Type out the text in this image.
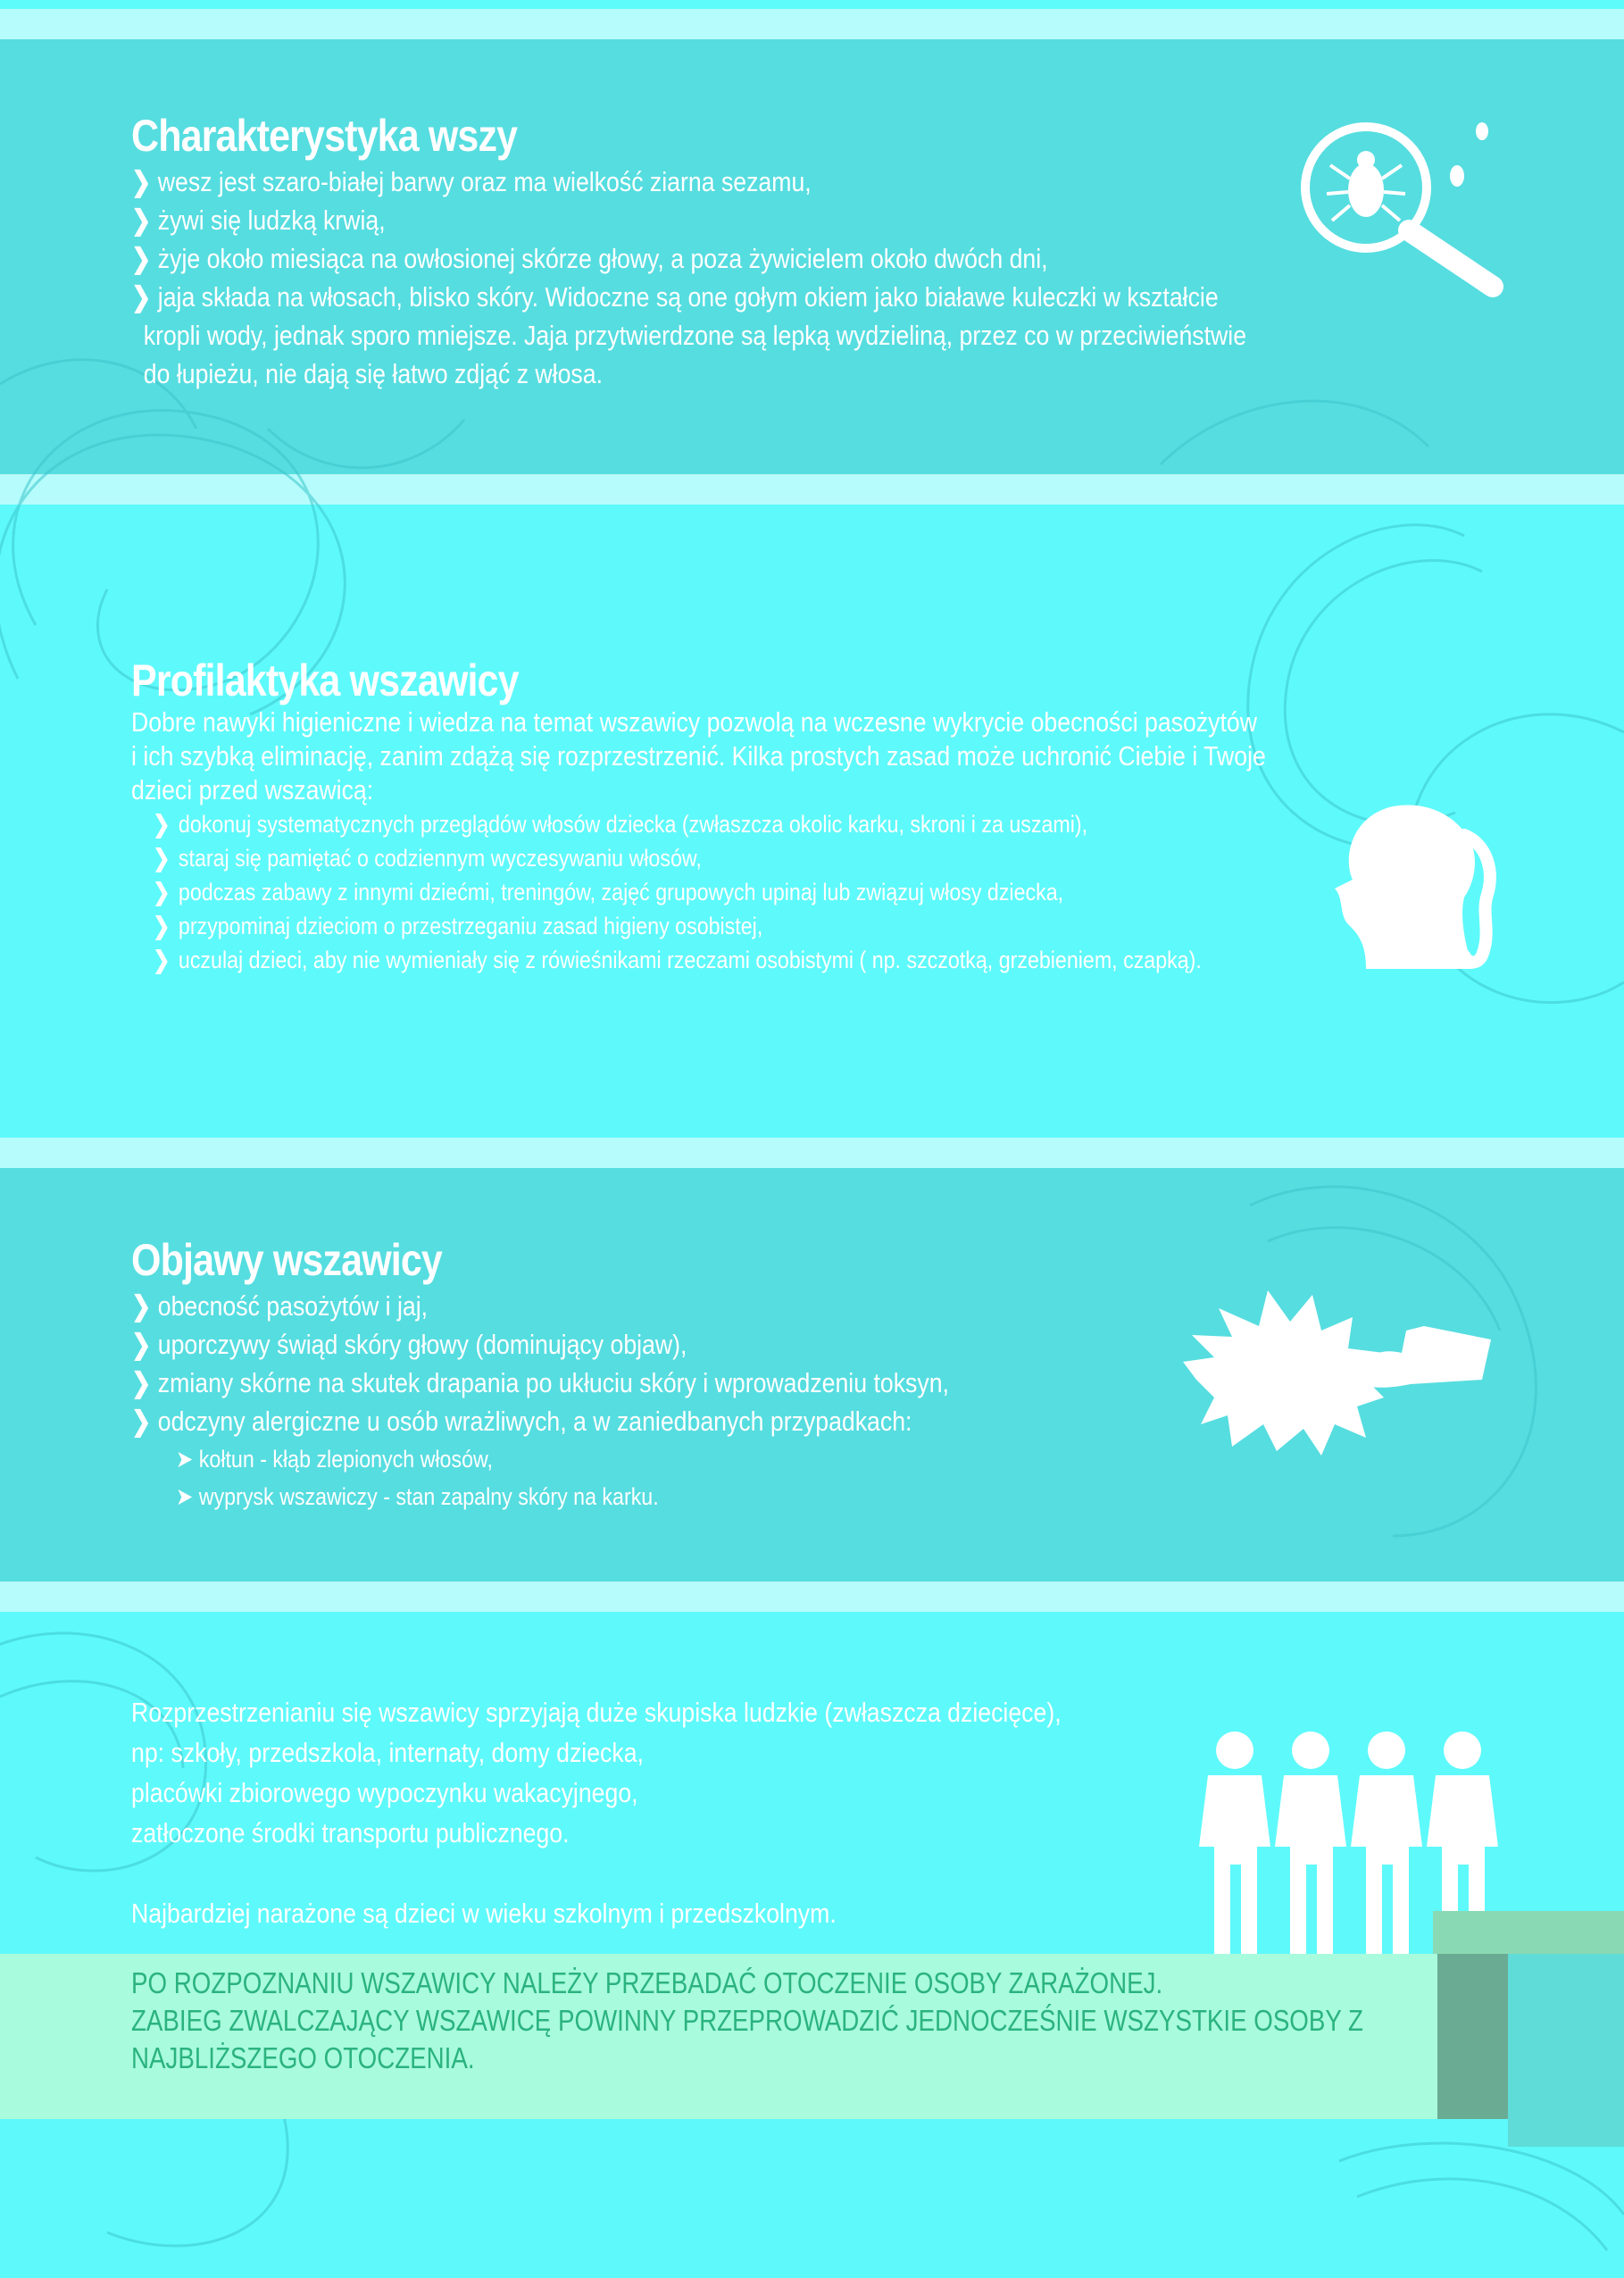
Charakterystyka wszy
❯ wesz jest szaro-białej barwy oraz ma wielkość ziarna sezamu,
❯ żywi się ludzką krwią,
❯ żyje około miesiąca na owłosionej skórze głowy, a poza żywicielem około dwóch dni,
❯ jaja składa na włosach, blisko skóry. Widoczne są one gołym okiem jako białawe kuleczki w kształcie
kropli wody, jednak sporo mniejsze. Jaja przytwierdzone są lepką wydzieliną, przez co w przeciwieństwie
do łupieżu, nie dają się łatwo zdjąć z włosa.
Profilaktyka wszawicy
Dobre nawyki higieniczne i wiedza na temat wszawicy pozwolą na wczesne wykrycie obecności pasożytów
i ich szybką eliminację, zanim zdążą się rozprzestrzenić. Kilka prostych zasad może uchronić Ciebie i Twoje
dzieci przed wszawicą:
❯ dokonuj systematycznych przeglądów włosów dziecka (zwłaszcza okolic karku, skroni i za uszami),
❯ staraj się pamiętać o codziennym wyczesywaniu włosów,
❯ podczas zabawy z innymi dziećmi, treningów, zajęć grupowych upinaj lub związuj włosy dziecka,
❯ przypominaj dzieciom o przestrzeganiu zasad higieny osobistej,
❯ uczulaj dzieci, aby nie wymieniały się z rówieśnikami rzeczami osobistymi ( np. szczotką, grzebieniem, czapką).
Objawy wszawicy
❯ obecność pasożytów i jaj,
❯ uporczywy świąd skóry głowy (dominujący objaw),
❯ zmiany skórne na skutek drapania po ukłuciu skóry i wprowadzeniu toksyn,
❯ odczyny alergiczne u osób wrażliwych, a w zaniedbanych przypadkach:
➤ kołtun - kłąb zlepionych włosów,
➤ wyprysk wszawiczy - stan zapalny skóry na karku.
Rozprzestrzenianiu się wszawicy sprzyjają duże skupiska ludzkie (zwłaszcza dziecięce),
np: szkoły, przedszkola, internaty, domy dziecka,
placówki zbiorowego wypoczynku wakacyjnego,
zatłoczone środki transportu publicznego.
Najbardziej narażone są dzieci w wieku szkolnym i przedszkolnym.
PO ROZPOZNANIU WSZAWICY NALEŻY PRZEBADAĆ OTOCZENIE OSOBY ZARAŻONEJ.
ZABIEG ZWALCZAJĄCY WSZAWICĘ POWINNY PRZEPROWADZIĆ JEDNOCZEŚNIE WSZYSTKIE OSOBY Z
NAJBLIŻSZEGO OTOCZENIA.
